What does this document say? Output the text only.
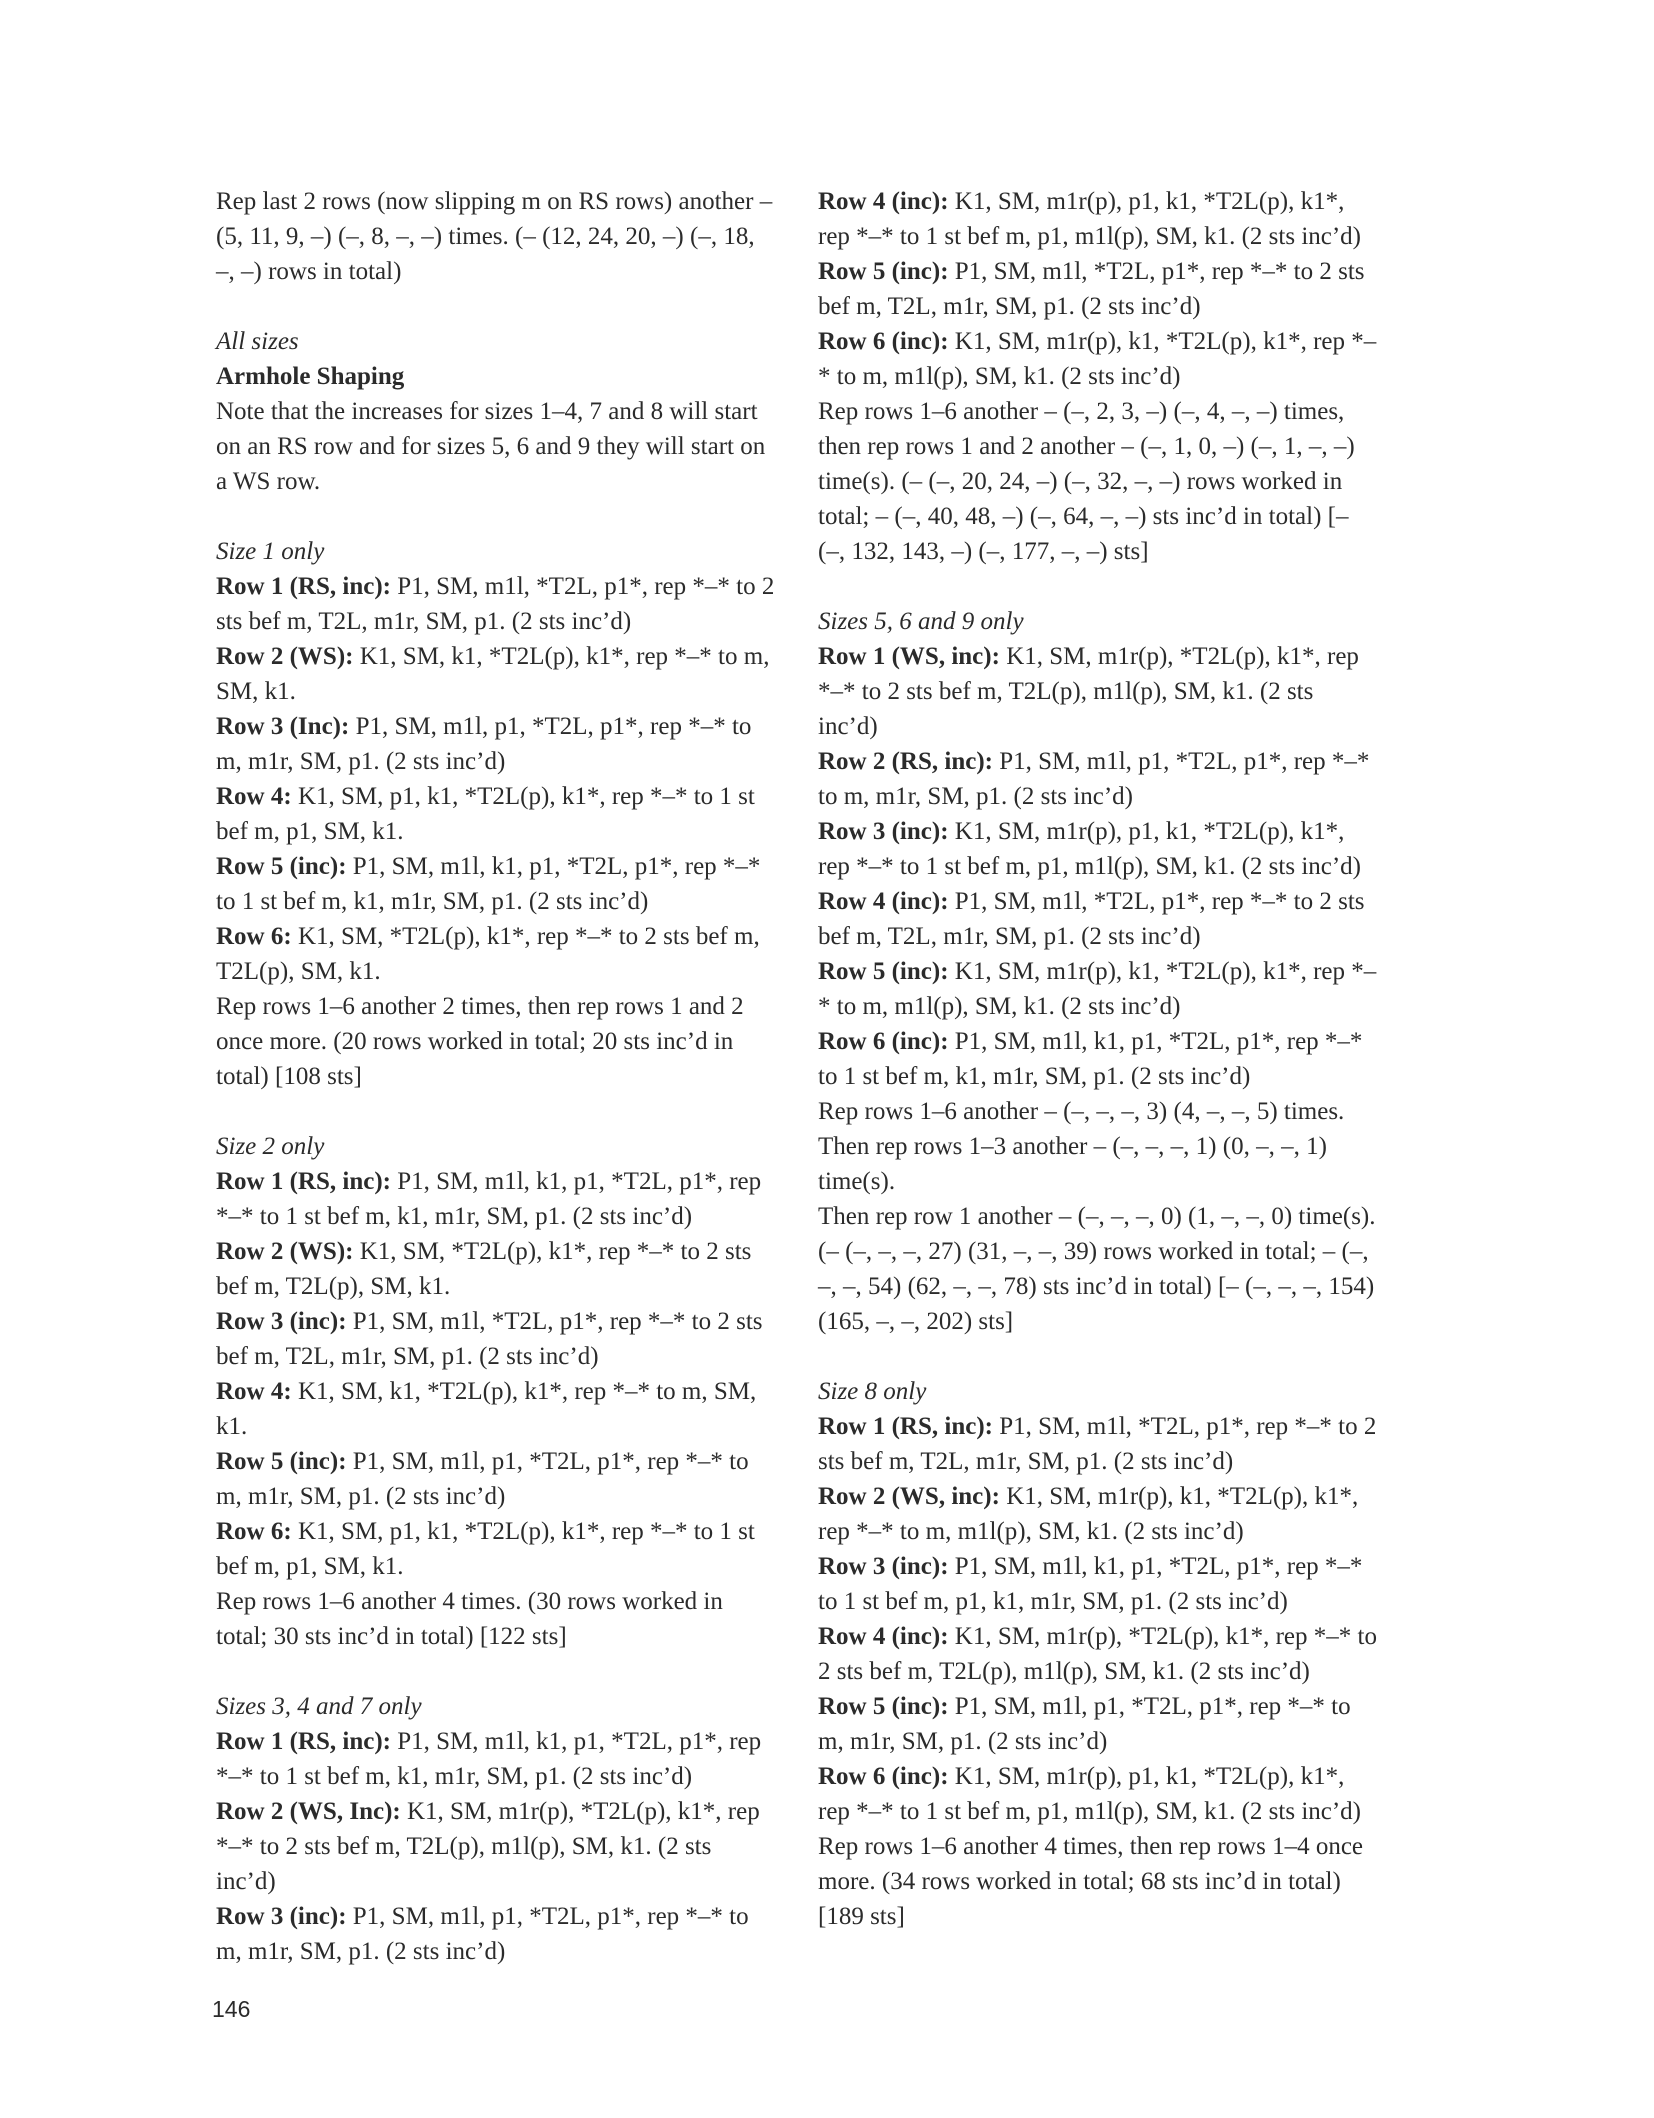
Rep last 2 rows (now slipping m on RS rows) another – (5, 11, 9, –) (–, 8, –, –) times. (– (12, 24, 20, –) (–, 18, –, –) rows in total)

All sizes

Armhole Shaping

Note that the increases for sizes 1–4, 7 and 8 will start on an RS row and for sizes 5, 6 and 9 they will start on a WS row.

Size 1 only

Row 1 (RS, inc): P1, SM, m1l, *T2L, p1*, rep *–* to 2 sts bef m, T2L, m1r, SM, p1. (2 sts inc’d)

Row 2 (WS): K1, SM, k1, *T2L(p), k1*, rep *–* to m, SM, k1.

Row 3 (Inc): P1, SM, m1l, p1, *T2L, p1*, rep *–* to m, m1r, SM, p1. (2 sts inc’d)

Row 4: K1, SM, p1, k1, *T2L(p), k1*, rep *–* to 1 st bef m, p1, SM, k1.

Row 5 (inc): P1, SM, m1l, k1, p1, *T2L, p1*, rep *–* to 1 st bef m, k1, m1r, SM, p1. (2 sts inc’d)

Row 6: K1, SM, *T2L(p), k1*, rep *–* to 2 sts bef m, T2L(p), SM, k1.

Rep rows 1–6 another 2 times, then rep rows 1 and 2 once more. (20 rows worked in total; 20 sts inc’d in total) [108 sts]

Size 2 only

Row 1 (RS, inc): P1, SM, m1l, k1, p1, *T2L, p1*, rep *–* to 1 st bef m, k1, m1r, SM, p1. (2 sts inc’d)

Row 2 (WS): K1, SM, *T2L(p), k1*, rep *–* to 2 sts bef m, T2L(p), SM, k1.

Row 3 (inc): P1, SM, m1l, *T2L, p1*, rep *–* to 2 sts bef m, T2L, m1r, SM, p1. (2 sts inc’d)

Row 4: K1, SM, k1, *T2L(p), k1*, rep *–* to m, SM, k1.

Row 5 (inc): P1, SM, m1l, p1, *T2L, p1*, rep *–* to m, m1r, SM, p1. (2 sts inc’d)

Row 6: K1, SM, p1, k1, *T2L(p), k1*, rep *–* to 1 st bef m, p1, SM, k1.

Rep rows 1–6 another 4 times. (30 rows worked in total; 30 sts inc’d in total) [122 sts]

Sizes 3, 4 and 7 only

Row 1 (RS, inc): P1, SM, m1l, k1, p1, *T2L, p1*, rep *–* to 1 st bef m, k1, m1r, SM, p1. (2 sts inc’d)

Row 2 (WS, Inc): K1, SM, m1r(p), *T2L(p), k1*, rep *–* to 2 sts bef m, T2L(p), m1l(p), SM, k1. (2 sts inc’d)

Row 3 (inc): P1, SM, m1l, p1, *T2L, p1*, rep *–* to m, m1r, SM, p1. (2 sts inc’d)

Row 4 (inc): K1, SM, m1r(p), p1, k1, *T2L(p), k1*, rep *–* to 1 st bef m, p1, m1l(p), SM, k1. (2 sts inc’d)

Row 5 (inc): P1, SM, m1l, *T2L, p1*, rep *–* to 2 sts bef m, T2L, m1r, SM, p1. (2 sts inc’d)

Row 6 (inc): K1, SM, m1r(p), k1, *T2L(p), k1*, rep *–* to m, m1l(p), SM, k1. (2 sts inc’d)

Rep rows 1–6 another – (–, 2, 3, –) (–, 4, –, –) times, then rep rows 1 and 2 another – (–, 1, 0, –) (–, 1, –, –) time(s). (– (–, 20, 24, –) (–, 32, –, –) rows worked in total; – (–, 40, 48, –) (–, 64, –, –) sts inc’d in total) [– (–, 132, 143, –) (–, 177, –, –) sts]

Sizes 5, 6 and 9 only

Row 1 (WS, inc): K1, SM, m1r(p), *T2L(p), k1*, rep *–* to 2 sts bef m, T2L(p), m1l(p), SM, k1. (2 sts inc’d)

Row 2 (RS, inc): P1, SM, m1l, p1, *T2L, p1*, rep *–* to m, m1r, SM, p1. (2 sts inc’d)

Row 3 (inc): K1, SM, m1r(p), p1, k1, *T2L(p), k1*, rep *–* to 1 st bef m, p1, m1l(p), SM, k1. (2 sts inc’d)

Row 4 (inc): P1, SM, m1l, *T2L, p1*, rep *–* to 2 sts bef m, T2L, m1r, SM, p1. (2 sts inc’d)

Row 5 (inc): K1, SM, m1r(p), k1, *T2L(p), k1*, rep *–* to m, m1l(p), SM, k1. (2 sts inc’d)

Row 6 (inc): P1, SM, m1l, k1, p1, *T2L, p1*, rep *–* to 1 st bef m, k1, m1r, SM, p1. (2 sts inc’d)

Rep rows 1–6 another – (–, –, –, 3) (4, –, –, 5) times. Then rep rows 1–3 another – (–, –, –, 1) (0, –, –, 1) time(s).

Then rep row 1 another – (–, –, –, 0) (1, –, –, 0) time(s).

(– (–, –, –, 27) (31, –, –, 39) rows worked in total; – (–, –, –, 54) (62, –, –, 78) sts inc’d in total) [– (–, –, –, 154) (165, –, –, 202) sts]

Size 8 only

Row 1 (RS, inc): P1, SM, m1l, *T2L, p1*, rep *–* to 2 sts bef m, T2L, m1r, SM, p1. (2 sts inc’d)

Row 2 (WS, inc): K1, SM, m1r(p), k1, *T2L(p), k1*, rep *–* to m, m1l(p), SM, k1. (2 sts inc’d)

Row 3 (inc): P1, SM, m1l, k1, p1, *T2L, p1*, rep *–* to 1 st bef m, p1, k1, m1r, SM, p1. (2 sts inc’d)

Row 4 (inc): K1, SM, m1r(p), *T2L(p), k1*, rep *–* to 2 sts bef m, T2L(p), m1l(p), SM, k1. (2 sts inc’d)

Row 5 (inc): P1, SM, m1l, p1, *T2L, p1*, rep *–* to m, m1r, SM, p1. (2 sts inc’d)

Row 6 (inc): K1, SM, m1r(p), p1, k1, *T2L(p), k1*, rep *–* to 1 st bef m, p1, m1l(p), SM, k1. (2 sts inc’d)

Rep rows 1–6 another 4 times, then rep rows 1–4 once more. (34 rows worked in total; 68 sts inc’d in total) [189 sts]

146
